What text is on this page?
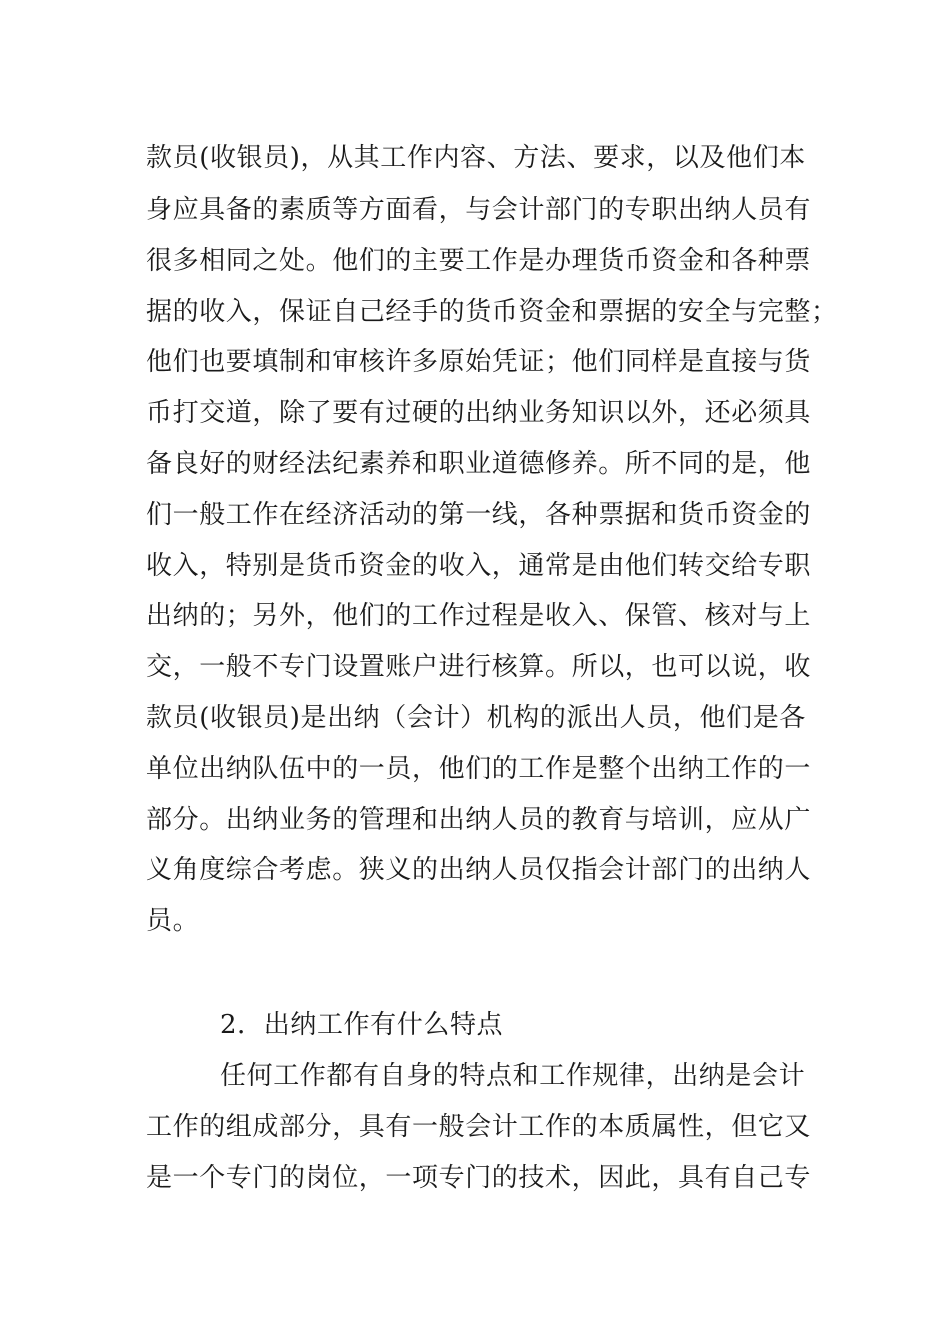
款员(收银员)，从其工作内容、方法、要求，以及他们本
身应具备的素质等方面看，与会计部门的专职出纳人员有
很多相同之处。他们的主要工作是办理货币资金和各种票
据的收入，保证自己经手的货币资金和票据的安全与完整；
他们也要填制和审核许多原始凭证；他们同样是直接与货
币打交道，除了要有过硬的出纳业务知识以外，还必须具
备良好的财经法纪素养和职业道德修养。所不同的是，他
们一般工作在经济活动的第一线，各种票据和货币资金的
收入，特别是货币资金的收入，通常是由他们转交给专职
出纳的；另外，他们的工作过程是收入、保管、核对与上
交，一般不专门设置账户进行核算。所以，也可以说，收
款员(收银员)是出纳（会计）机构的派出人员，他们是各
单位出纳队伍中的一员，他们的工作是整个出纳工作的一
部分。出纳业务的管理和出纳人员的教育与培训，应从广
义角度综合考虑。狭义的出纳人员仅指会计部门的出纳人
员。
2．出纳工作有什么特点
任何工作都有自身的特点和工作规律，出纳是会计
工作的组成部分，具有一般会计工作的本质属性，但它又
是一个专门的岗位，一项专门的技术，因此，具有自己专
